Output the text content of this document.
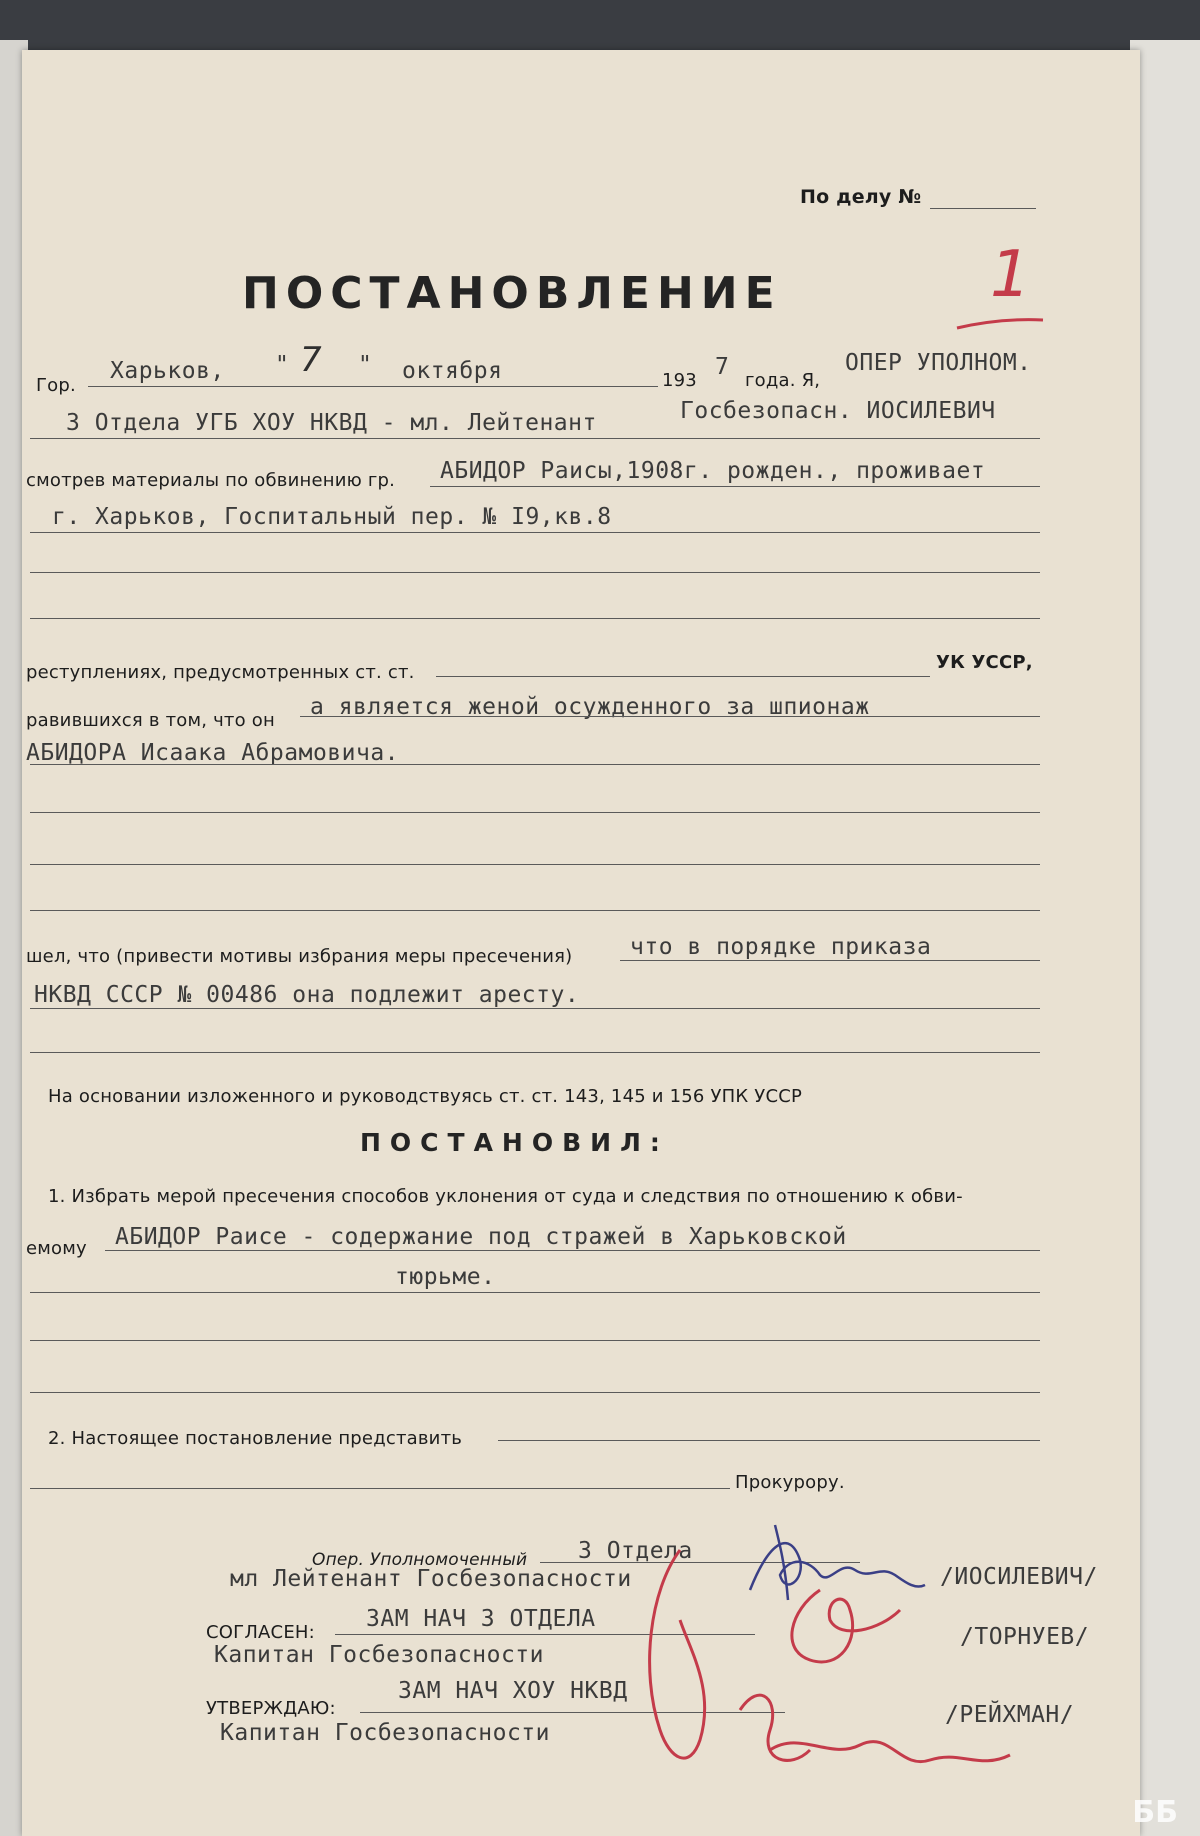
По делу №
ПОСТАНОВЛЕНИЕ	1
Гор.
Харьков, " 7 " октября	193
7
года. Я,
ОПЕР УПОЛНОМ.
3 Отдела УГБ ХОУ НКВД - мл. Лейтенант	Госбезопасн. ИОСИЛЕВИЧ
смотрев материалы по обвинению гр. АБИДОР Раисы,1908г. рожден., проживает
г. Харьков, Госпитальный пер. № I9,кв.8
реступлениях, предусмотренных ст. ст.	УК УССР,
равившихся в том, что он
а является женой осужденного за шпионаж
АБИДОРА Исаака Абрамовича.
шел, что (привести мотивы избрания меры пресечения)	что в порядке приказа
НКВД СССР № 00486 она подлежит аресту.
На основании изложенного и руководствуясь ст. ст. 143, 145 и 156 УПК УССР
ПОСТАНОВИЛ:
1. Избрать мерой пресечения способов уклонения от суда и следствия по отношению к обви-
емому АБИДОР Раисе - содержание под стражей в Харьковской
тюрьме.
2. Настоящее постановление представить
Прокурору.
Опер. Уполномоченный 3 Отдела
мл Лейтенант Госбезопасности	/ИОСИЛЕВИЧ/
СОГЛАСЕН:
ЗАМ НАЧ 3 ОТДЕЛА
Капитан Госбезопасности
/ТОРНУЕВ/
УТВЕРЖДАЮ:
ЗАМ НАЧ ХОУ НКВД
Капитан Госбезопасности
/РЕЙХМАН/
ББ
